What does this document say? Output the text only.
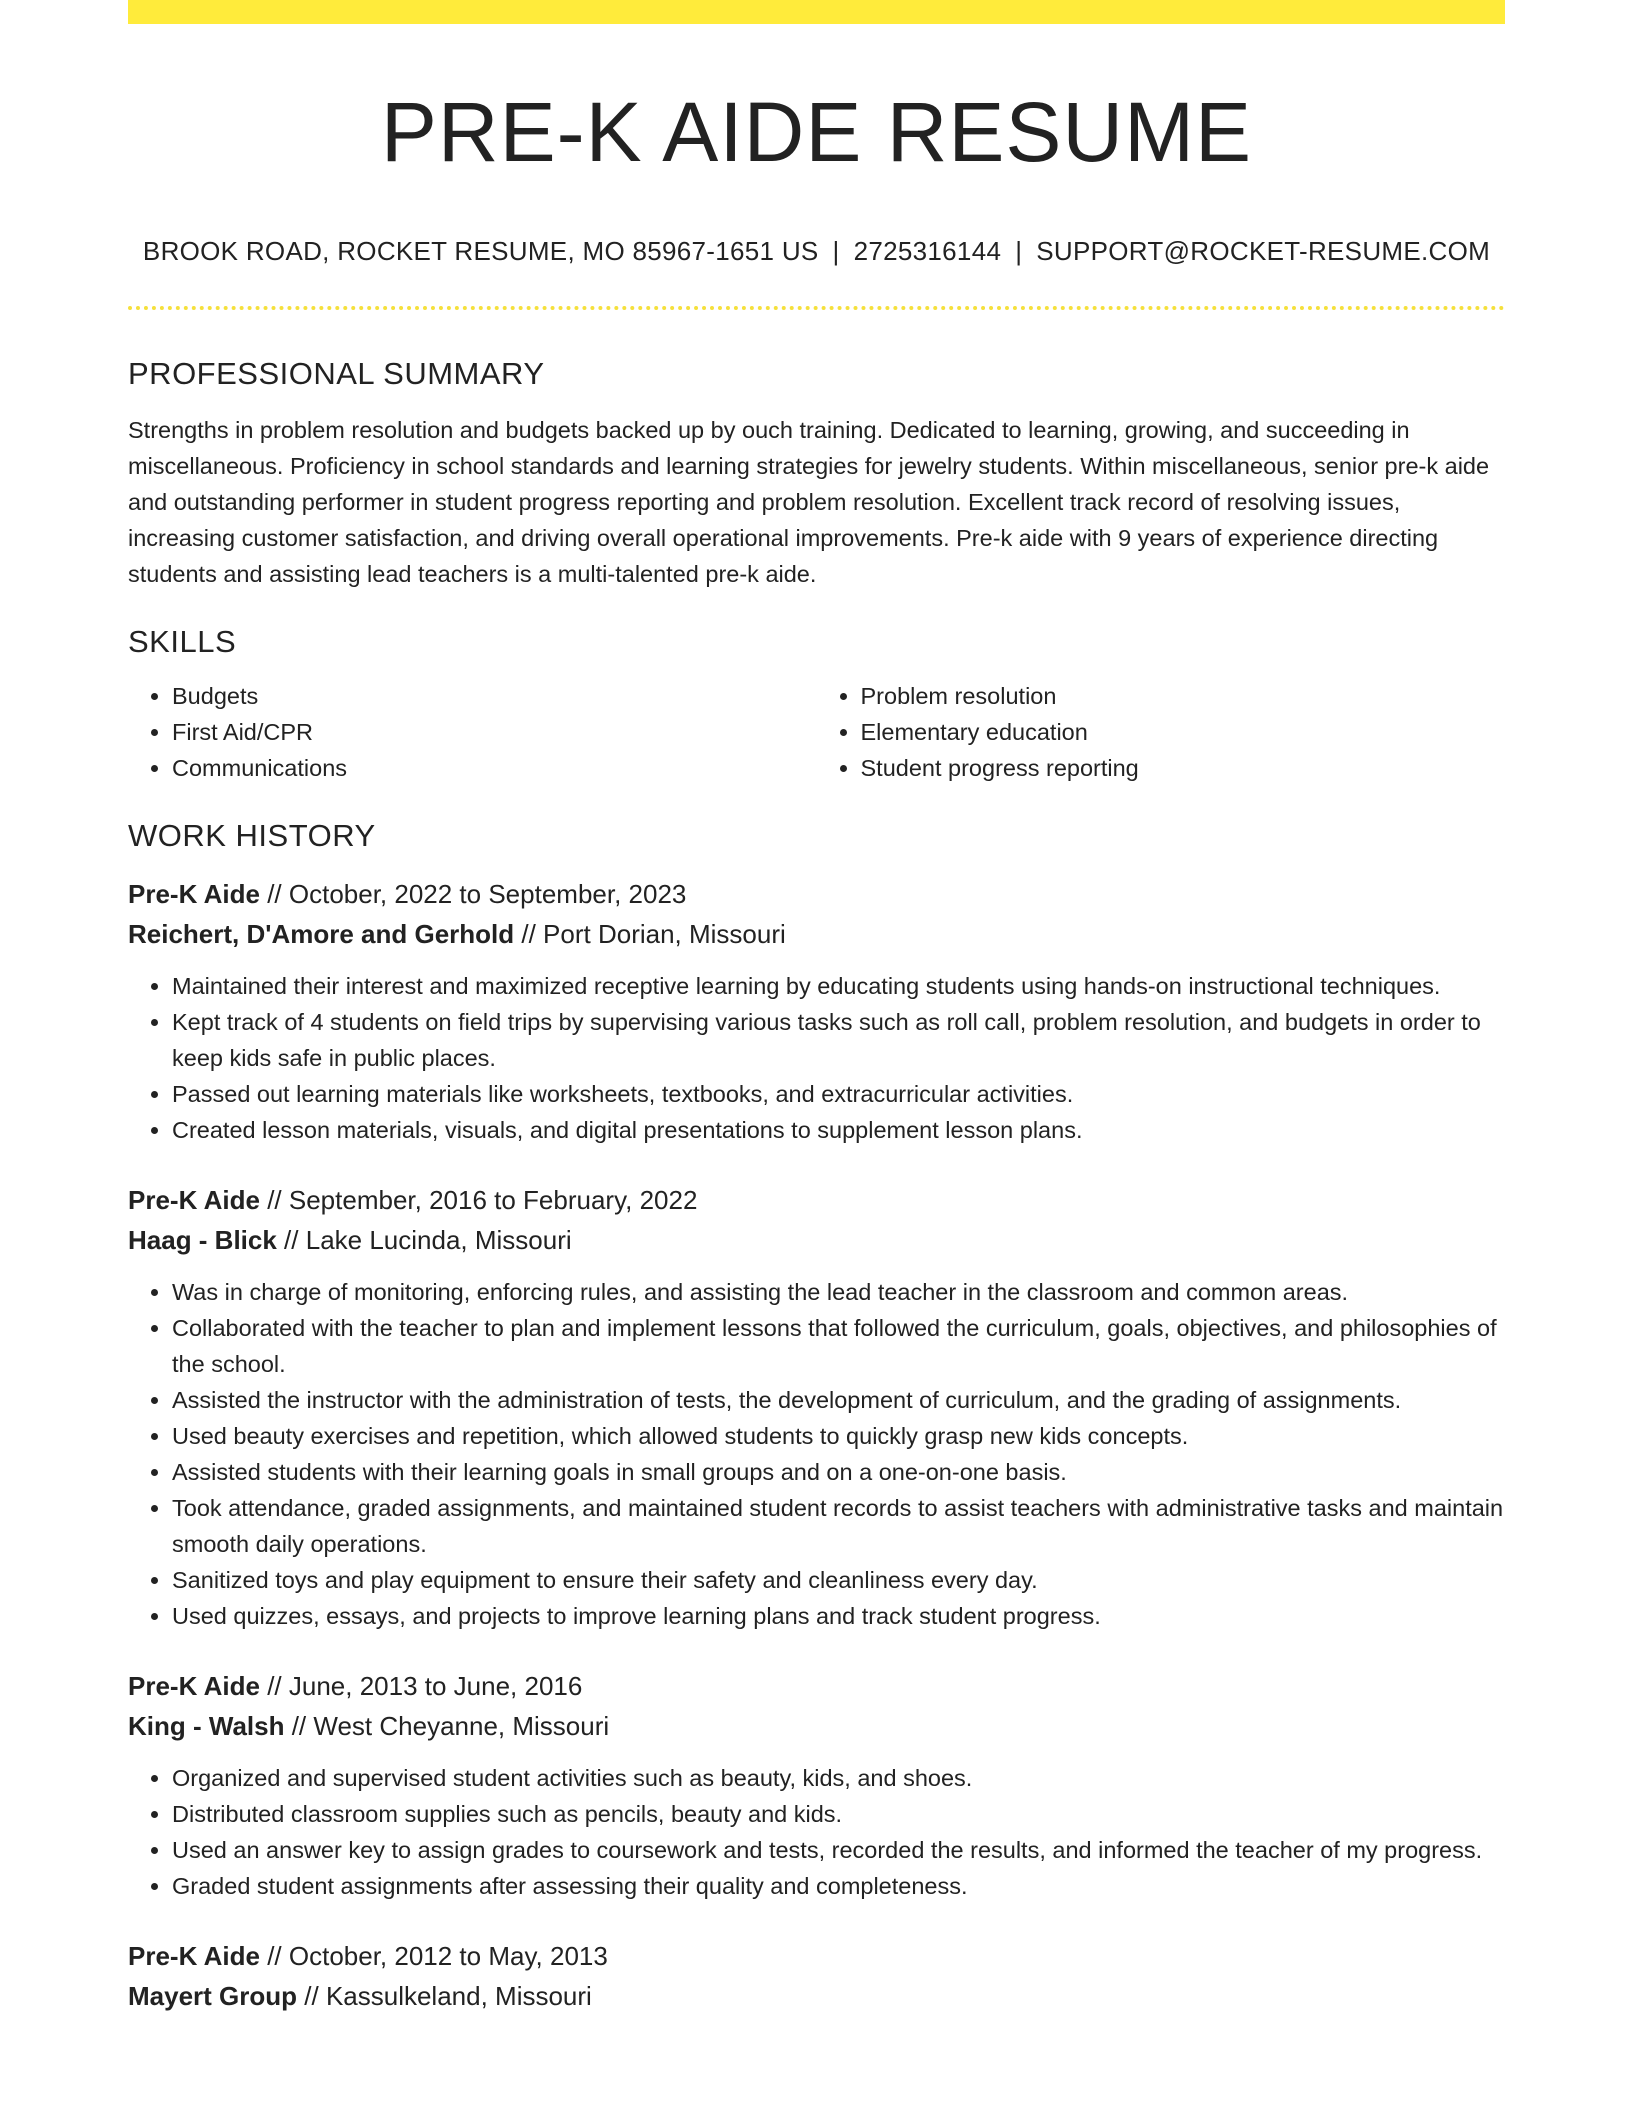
PRE-K AIDE RESUME
BROOK ROAD, ROCKET RESUME, MO 85967-1651 US | 2725316144 | SUPPORT@ROCKET-RESUME.COM
PROFESSIONAL SUMMARY

Strengths in problem resolution and budgets backed up by ouch training. Dedicated to learning, growing, and succeeding in miscellaneous. Proficiency in school standards and learning strategies for jewelry students. Within miscellaneous, senior pre-k aide and outstanding performer in student progress reporting and problem resolution. Excellent track record of resolving issues, increasing customer satisfaction, and driving overall operational improvements. Pre-k aide with 9 years of experience directing students and assisting lead teachers is a multi-talented pre-k aide.

SKILLS
• Budgets
• First Aid/CPR
• Communications
• Problem resolution
• Elementary education
• Student progress reporting
WORK HISTORY

Pre-K Aide // October, 2022 to September, 2023

Reichert, D'Amore and Gerhold // Port Dorian, Missouri

• Maintained their interest and maximized receptive learning by educating students using hands-on instructional techniques.
• Kept track of 4 students on field trips by supervising various tasks such as roll call, problem resolution, and budgets in order to keep kids safe in public places.
• Passed out learning materials like worksheets, textbooks, and extracurricular activities.
• Created lesson materials, visuals, and digital presentations to supplement lesson plans.

Pre-K Aide // September, 2016 to February, 2022

Haag - Blick // Lake Lucinda, Missouri

• Was in charge of monitoring, enforcing rules, and assisting the lead teacher in the classroom and common areas.
• Collaborated with the teacher to plan and implement lessons that followed the curriculum, goals, objectives, and philosophies of the school.
• Assisted the instructor with the administration of tests, the development of curriculum, and the grading of assignments.
• Used beauty exercises and repetition, which allowed students to quickly grasp new kids concepts.
• Assisted students with their learning goals in small groups and on a one-on-one basis.
• Took attendance, graded assignments, and maintained student records to assist teachers with administrative tasks and maintain smooth daily operations.
• Sanitized toys and play equipment to ensure their safety and cleanliness every day.
• Used quizzes, essays, and projects to improve learning plans and track student progress.

Pre-K Aide // June, 2013 to June, 2016

King - Walsh // West Cheyanne, Missouri

• Organized and supervised student activities such as beauty, kids, and shoes.
• Distributed classroom supplies such as pencils, beauty and kids.
• Used an answer key to assign grades to coursework and tests, recorded the results, and informed the teacher of my progress.
• Graded student assignments after assessing their quality and completeness.

Pre-K Aide // October, 2012 to May, 2013

Mayert Group // Kassulkeland, Missouri
